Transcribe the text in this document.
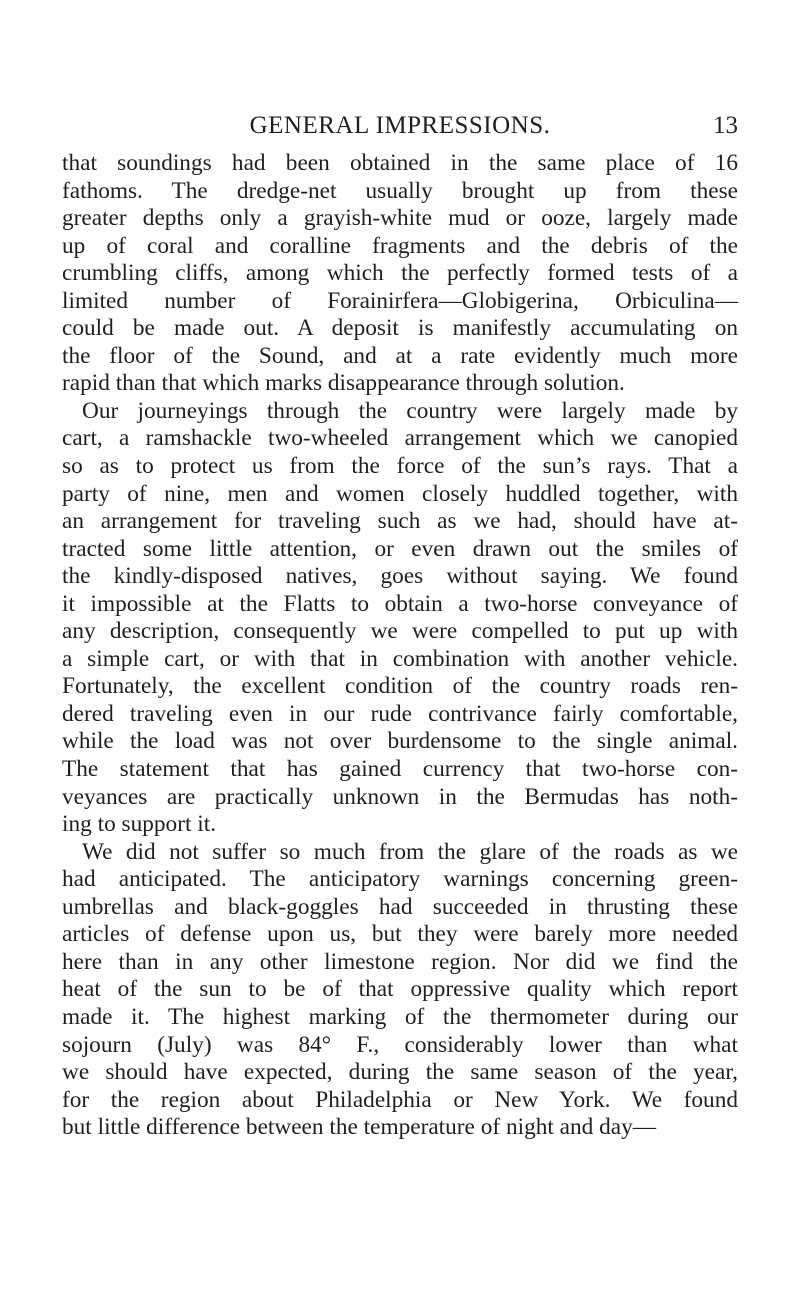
GENERAL IMPRESSIONS.	13
that soundings had been obtained in the same place of 16
fathoms. The dredge-net usually brought up from these
greater depths only a grayish-white mud or ooze, largely made
up of coral and coralline fragments and the debris of the
crumbling cliffs, among which the perfectly formed tests of a
limited number of Forainirfera—Globigerina, Orbiculina—
could be made out. A deposit is manifestly accumulating on
the floor of the Sound, and at a rate evidently much more
rapid than that which marks disappearance through solution.
Our journeyings through the country were largely made by
cart, a ramshackle two-wheeled arrangement which we canopied
so as to protect us from the force of the sun’s rays. That a
party of nine, men and women closely huddled together, with
an arrangement for traveling such as we had, should have at-
tracted some little attention, or even drawn out the smiles of
the kindly-disposed natives, goes without saying. We found
it impossible at the Flatts to obtain a two-horse conveyance of
any description, consequently we were compelled to put up with
a simple cart, or with that in combination with another vehicle.
Fortunately, the excellent condition of the country roads ren-
dered traveling even in our rude contrivance fairly comfortable,
while the load was not over burdensome to the single animal.
The statement that has gained currency that two-horse con-
veyances are practically unknown in the Bermudas has noth-
ing to support it.
We did not suffer so much from the glare of the roads as we
had anticipated. The anticipatory warnings concerning green-
umbrellas and black-goggles had succeeded in thrusting these
articles of defense upon us, but they were barely more needed
here than in any other limestone region. Nor did we find the
heat of the sun to be of that oppressive quality which report
made it. The highest marking of the thermometer during our
sojourn (July) was 84° F., considerably lower than what
we should have expected, during the same season of the year,
for the region about Philadelphia or New York. We found
but little difference between the temperature of night and day—
